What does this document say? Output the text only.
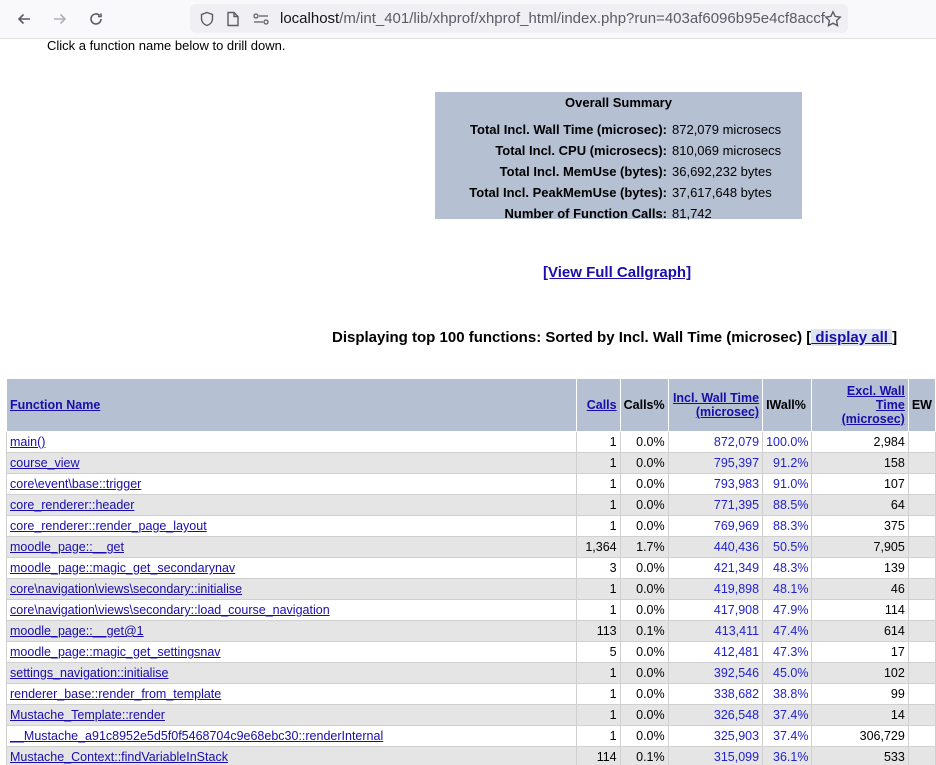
localhost/m/int_401/lib/xhprof/xhprof_html/index.php?run=403af6096b95e4cf8accf
Click a function name below to drill down.
Overall Summary
Total Incl. Wall Time (microsec): 872,079 microsecs
Total Incl. CPU (microsecs): 810,069 microsecs
Total Incl. MemUse (bytes): 36,692,232 bytes
Total Incl. PeakMemUse (bytes): 37,617,648 bytes
Number of Function Calls: 81,742
[View Full Callgraph]
Displaying top 100 functions: Sorted by Incl. Wall Time (microsec) [ display all ]
Function Name	Calls	Calls%	Incl. Wall Time (microsec)	IWall%	Excl. Wall Time (microsec)	EW
main()	1	0.0%	872,079	100.0%	2,984	
course_view	1	0.0%	795,397	91.2%	158	
core\event\base::trigger	1	0.0%	793,983	91.0%	107	
core_renderer::header	1	0.0%	771,395	88.5%	64	
core_renderer::render_page_layout	1	0.0%	769,969	88.3%	375	
moodle_page::__get	1,364	1.7%	440,436	50.5%	7,905	
moodle_page::magic_get_secondarynav	3	0.0%	421,349	48.3%	139	
core\navigation\views\secondary::initialise	1	0.0%	419,898	48.1%	46	
core\navigation\views\secondary::load_course_navigation	1	0.0%	417,908	47.9%	114	
moodle_page::__get@1	113	0.1%	413,411	47.4%	614	
moodle_page::magic_get_settingsnav	5	0.0%	412,481	47.3%	17	
settings_navigation::initialise	1	0.0%	392,546	45.0%	102	
renderer_base::render_from_template	1	0.0%	338,682	38.8%	99	
Mustache_Template::render	1	0.0%	326,548	37.4%	14	
__Mustache_a91c8952e5d5f0f5468704c9e68ebc30::renderInternal	1	0.0%	325,903	37.4%	306,729	
Mustache_Context::findVariableInStack	114	0.1%	315,099	36.1%	533	
